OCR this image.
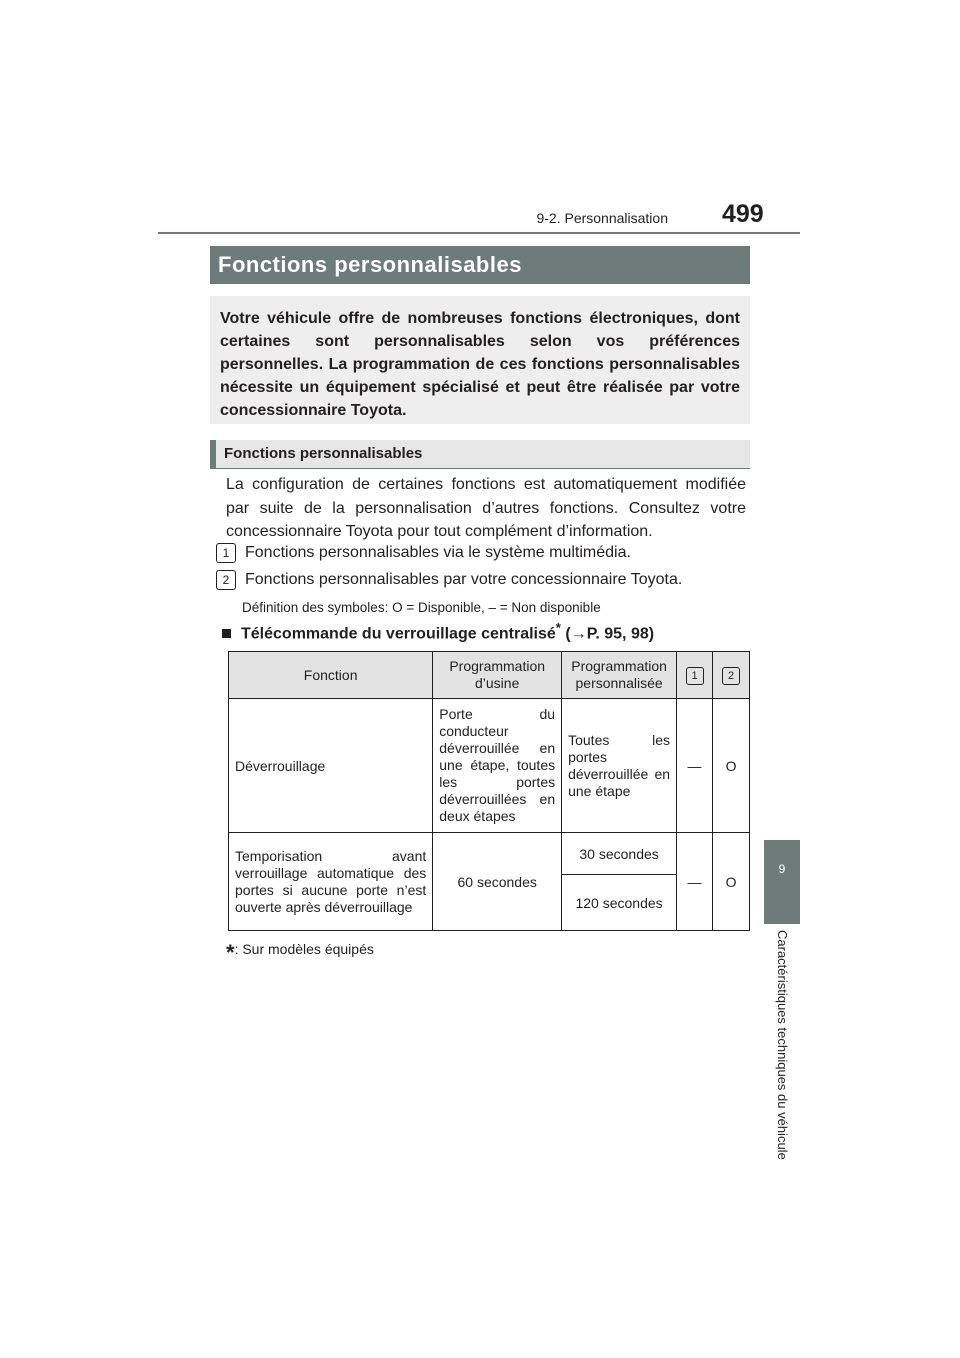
499
9-2. Personnalisation
9
Caractéristiques techniques du véhicule
Fonctions personnalisables
Votre véhicule offre de nombreuses fonctions électroniques, dont certaines sont personnalisables selon vos préférences personnelles. La programmation de ces fonctions personnalisables nécessite un équipement spécialisé et peut être réalisée par votre concessionnaire Toyota.
Fonctions personnalisables
La configuration de certaines fonctions est automatiquement modifiée par suite de la personnalisation d’autres fonctions. Consultez votre concessionnaire Toyota pour tout complément d’information.
1 Fonctions personnalisables via le système multimédia.
2 Fonctions personnalisables par votre concessionnaire Toyota.
Définition des symboles: O = Disponible, – = Non disponible
Télécommande du verrouillage centralisé* (→P. 95, 98)
Fonction	Programmation d’usine	Programmation personnalisée	1	2
Déverrouillage	Porte du conducteur déverrouillée en une étape, toutes les portes déverrouillées en deux étapes	Toutes les portes déverrouillée en une étape	—	O
Temporisation avant verrouillage automatique des portes si aucune porte n’est ouverte après déverrouillage	60 secondes	30 secondes	—	O
		120 secondes		
*: Sur modèles équipés
